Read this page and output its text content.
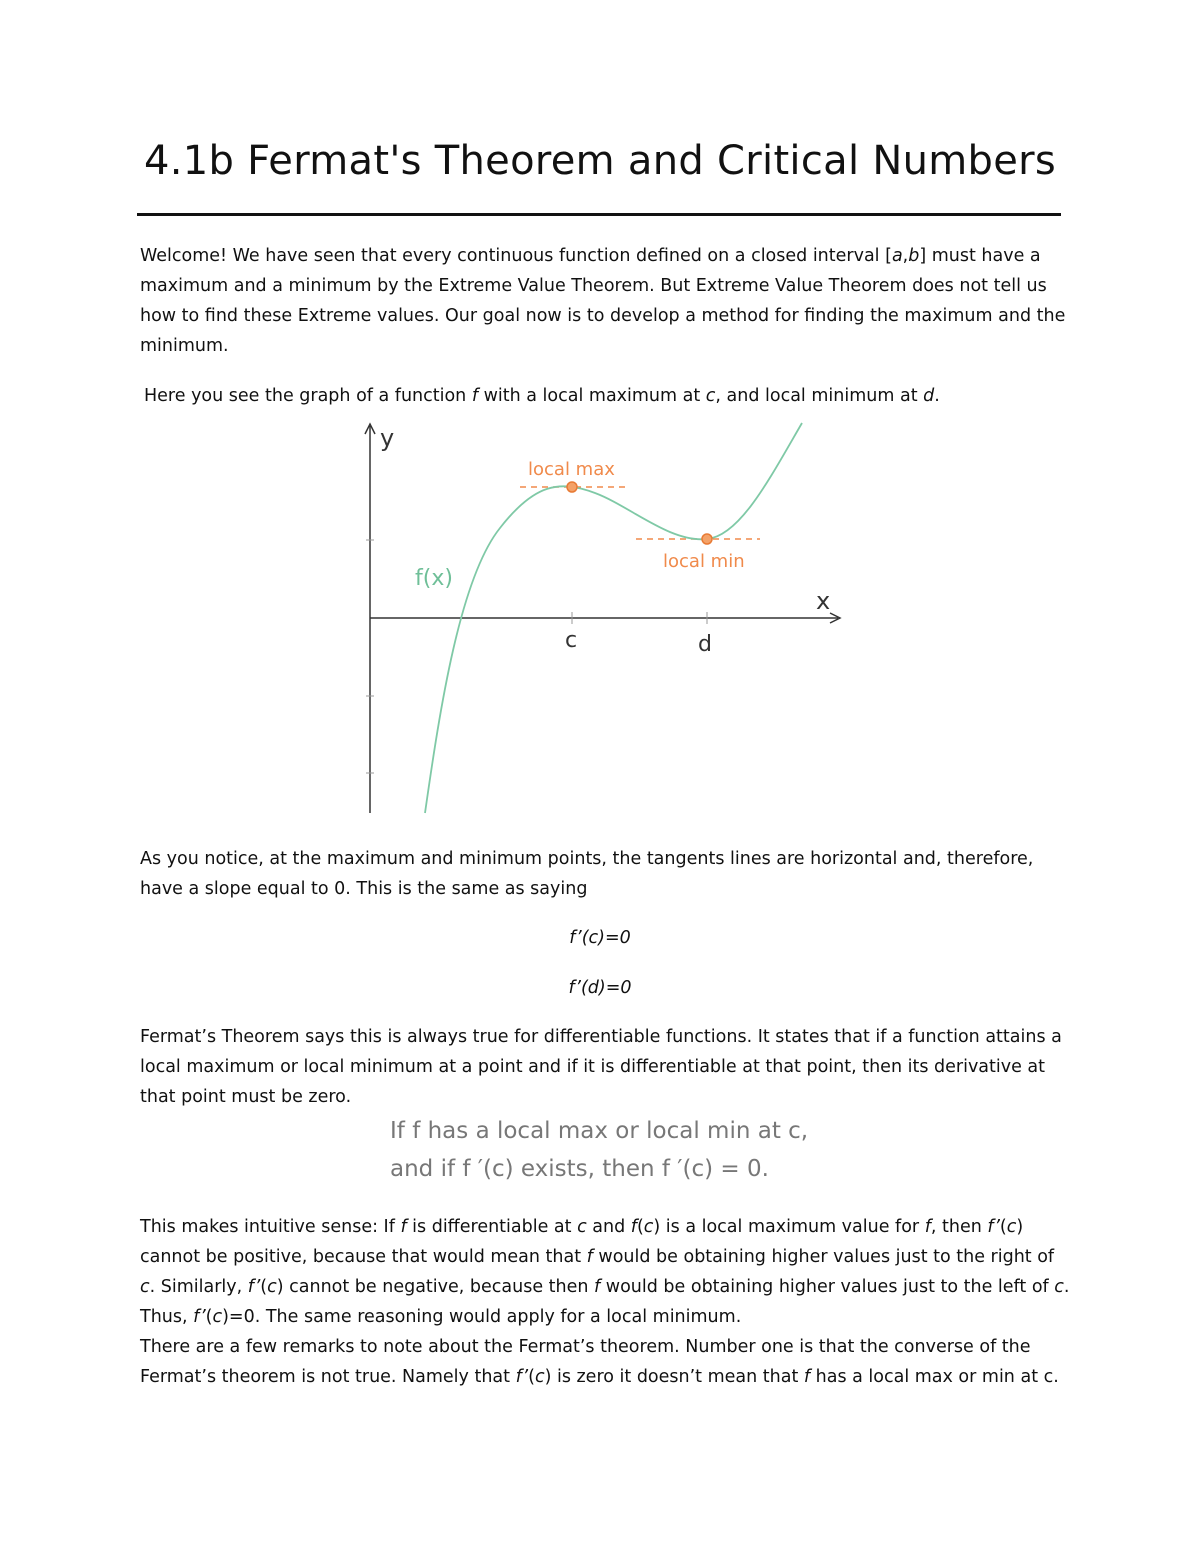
4.1b Fermat's Theorem and Critical Numbers

Welcome! We have seen that every continuous function defined on a closed interval [a,b] must have a maximum and a minimum by the Extreme Value Theorem. But Extreme Value Theorem does not tell us how to find these Extreme values. Our goal now is to develop a method for finding the maximum and the minimum.

Here you see the graph of a function f with a local maximum at c, and local minimum at d.

y
x
f(x)
local max
local min
c	d

As you notice, at the maximum and minimum points, the tangents lines are horizontal and, therefore, have a slope equal to 0. This is the same as saying

f’(c)=0

f’(d)=0

Fermat’s Theorem says this is always true for differentiable functions. It states that if a function attains a local maximum or local minimum at a point and if it is differentiable at that point, then its derivative at that point must be zero.

If f has a local max or local min at c,

and if f ′(c) exists, then f ′(c) = 0.

This makes intuitive sense: If f is differentiable at c and f(c) is a local maximum value for f, then f’(c) cannot be positive, because that would mean that f would be obtaining higher values just to the right of c. Similarly, f’(c) cannot be negative, because then f would be obtaining higher values just to the left of c. Thus, f’(c)=0. The same reasoning would apply for a local minimum.

There are a few remarks to note about the Fermat’s theorem. Number one is that the converse of the Fermat’s theorem is not true. Namely that f’(c) is zero it doesn’t mean that f has a local max or min at c.
